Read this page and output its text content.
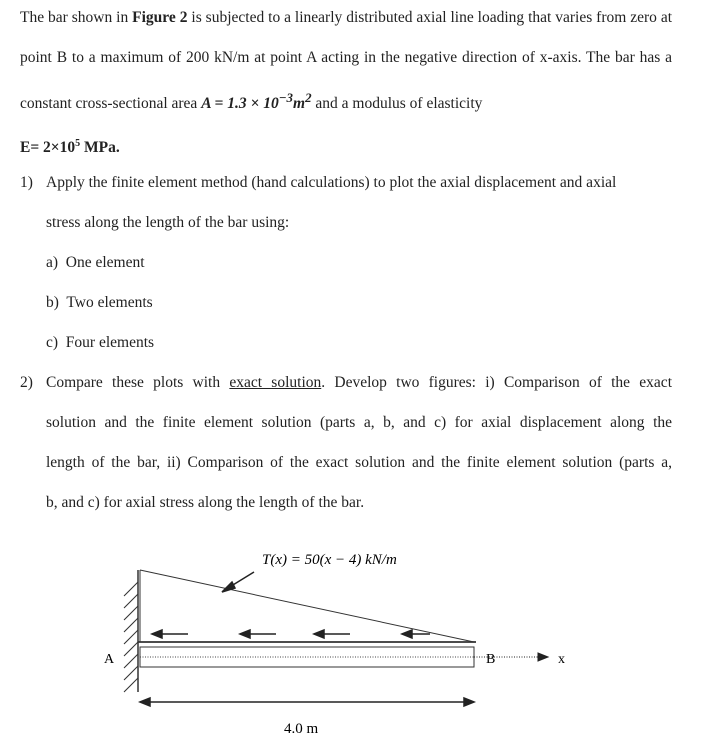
The bar shown in Figure 2 is subjected to a linearly distributed axial line loading that varies from zero at point B to a maximum of 200 kN/m at point A acting in the negative direction of x-axis. The bar has a constant cross-sectional area $A = 1.3 \times 10^{-3}m^2$ and a modulus of elasticity
$E= 2\times 10^5$ MPa.
1) Apply the finite element method (hand calculations) to plot the axial displacement and axial
stress along the length of the bar using:
a) One element
b) Two elements
c) Four elements
2) Compare these plots with exact solution. Develop two figures: i) Comparison of the exact
solution and the finite element solution (parts a, b, and c) for axial displacement along the
length of the bar, ii) Comparison of the exact solution and the finite element solution (parts a,
b, and c) for axial stress along the length of the bar.
T(x) = 50(x − 4) kN/m
A	B	x
4.0 m
